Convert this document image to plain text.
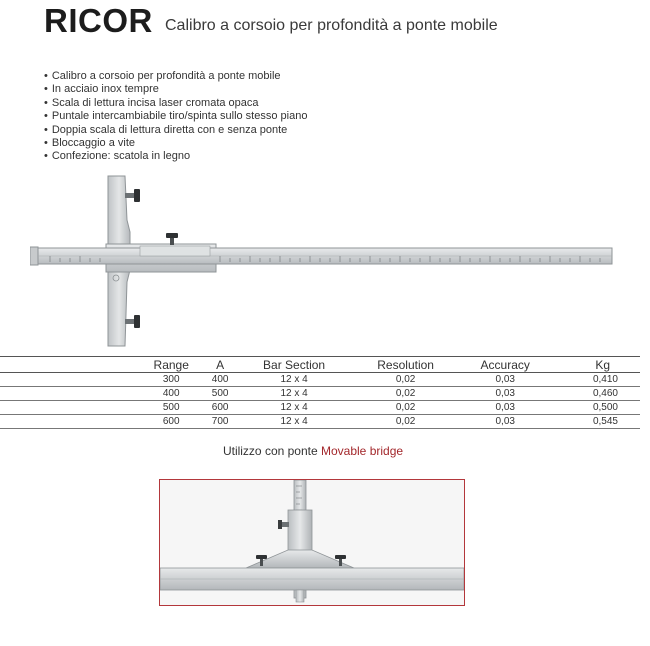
RICOR Calibro a corsoio per profondità a ponte mobile
• Calibro a corsoio per profondità a ponte mobile
• In acciaio inox tempre
• Scala di lettura incisa laser cromata opaca
• Puntale intercambiabile tiro/spinta sullo stesso piano
• Doppia scala di lettura diretta con e senza ponte
• Bloccaggio a vite
• Confezione: scatola in legno
	Range	A	Bar Section	Resolution	Accuracy	Kg
	300	400	12 x 4	0,02	0,03	0,410
	400	500	12 x 4	0,02	0,03	0,460
	500	600	12 x 4	0,02	0,03	0,500
	600	700	12 x 4	0,02	0,03	0,545
Utilizzo con ponte Movable bridge
